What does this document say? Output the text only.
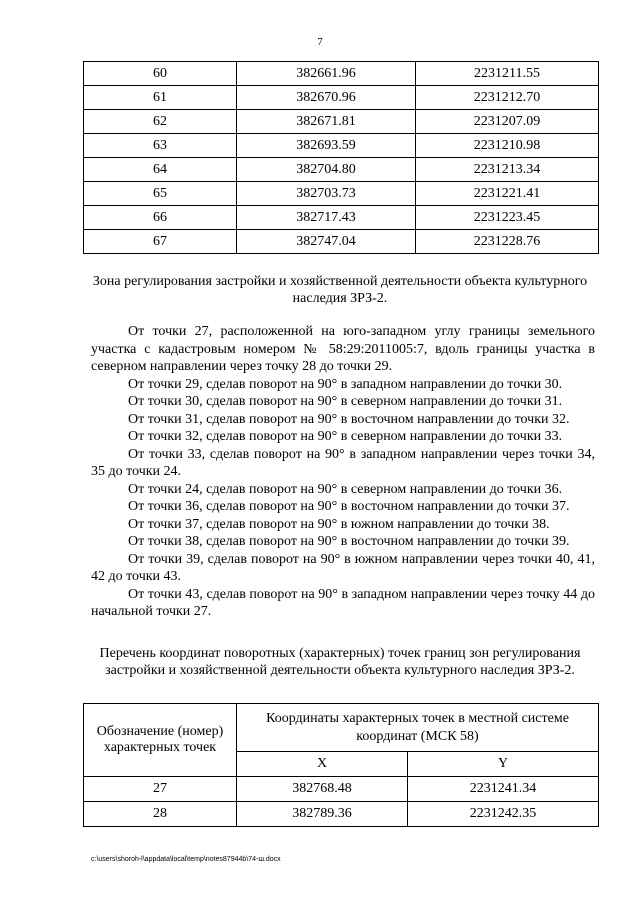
7
60	382661.96	2231211.55
61	382670.96	2231212.70
62	382671.81	2231207.09
63	382693.59	2231210.98
64	382704.80	2231213.34
65	382703.73	2231221.41
66	382717.43	2231223.45
67	382747.04	2231228.76
Зона регулирования застройки и хозяйственной деятельности объекта культурного наследия ЗРЗ-2.

От точки 27, расположенной на юго-западном углу границы земельного участка с кадастровым номером № 58:29:2011005:7, вдоль границы участка в северном направлении через точку 28 до точки 29.

От точки 29, сделав поворот на 90° в западном направлении до точки 30.

От точки 30, сделав поворот на 90° в северном направлении до точки 31.

От точки 31, сделав поворот на 90° в восточном направлении до точки 32.

От точки 32, сделав поворот на 90° в северном направлении до точки 33.

От точки 33, сделав поворот на 90° в западном направлении через точки 34, 35 до точки 24.

От точки 24, сделав поворот на 90° в северном направлении до точки 36.

От точки 36, сделав поворот на 90° в восточном направлении до точки 37.

От точки 37, сделав поворот на 90° в южном направлении до точки 38.

От точки 38, сделав поворот на 90° в восточном направлении до точки 39.

От точки 39, сделав поворот на 90° в южном направлении через точки 40, 41, 42 до точки 43.

От точки 43, сделав поворот на 90° в западном направлении через точку 44 до начальной точки 27.

Перечень координат поворотных (характерных) точек границ зон регулирования застройки и хозяйственной деятельности объекта культурного наследия ЗРЗ-2.
Обозначение (номер) характерных точек	Координаты характерных точек в местной системе координат (МСК 58)	
	X	Y
27	382768.48	2231241.34
28	382789.36	2231242.35
c:\users\shoroh-l\appdata\local\temp\notes87944b\74-ш.docx
